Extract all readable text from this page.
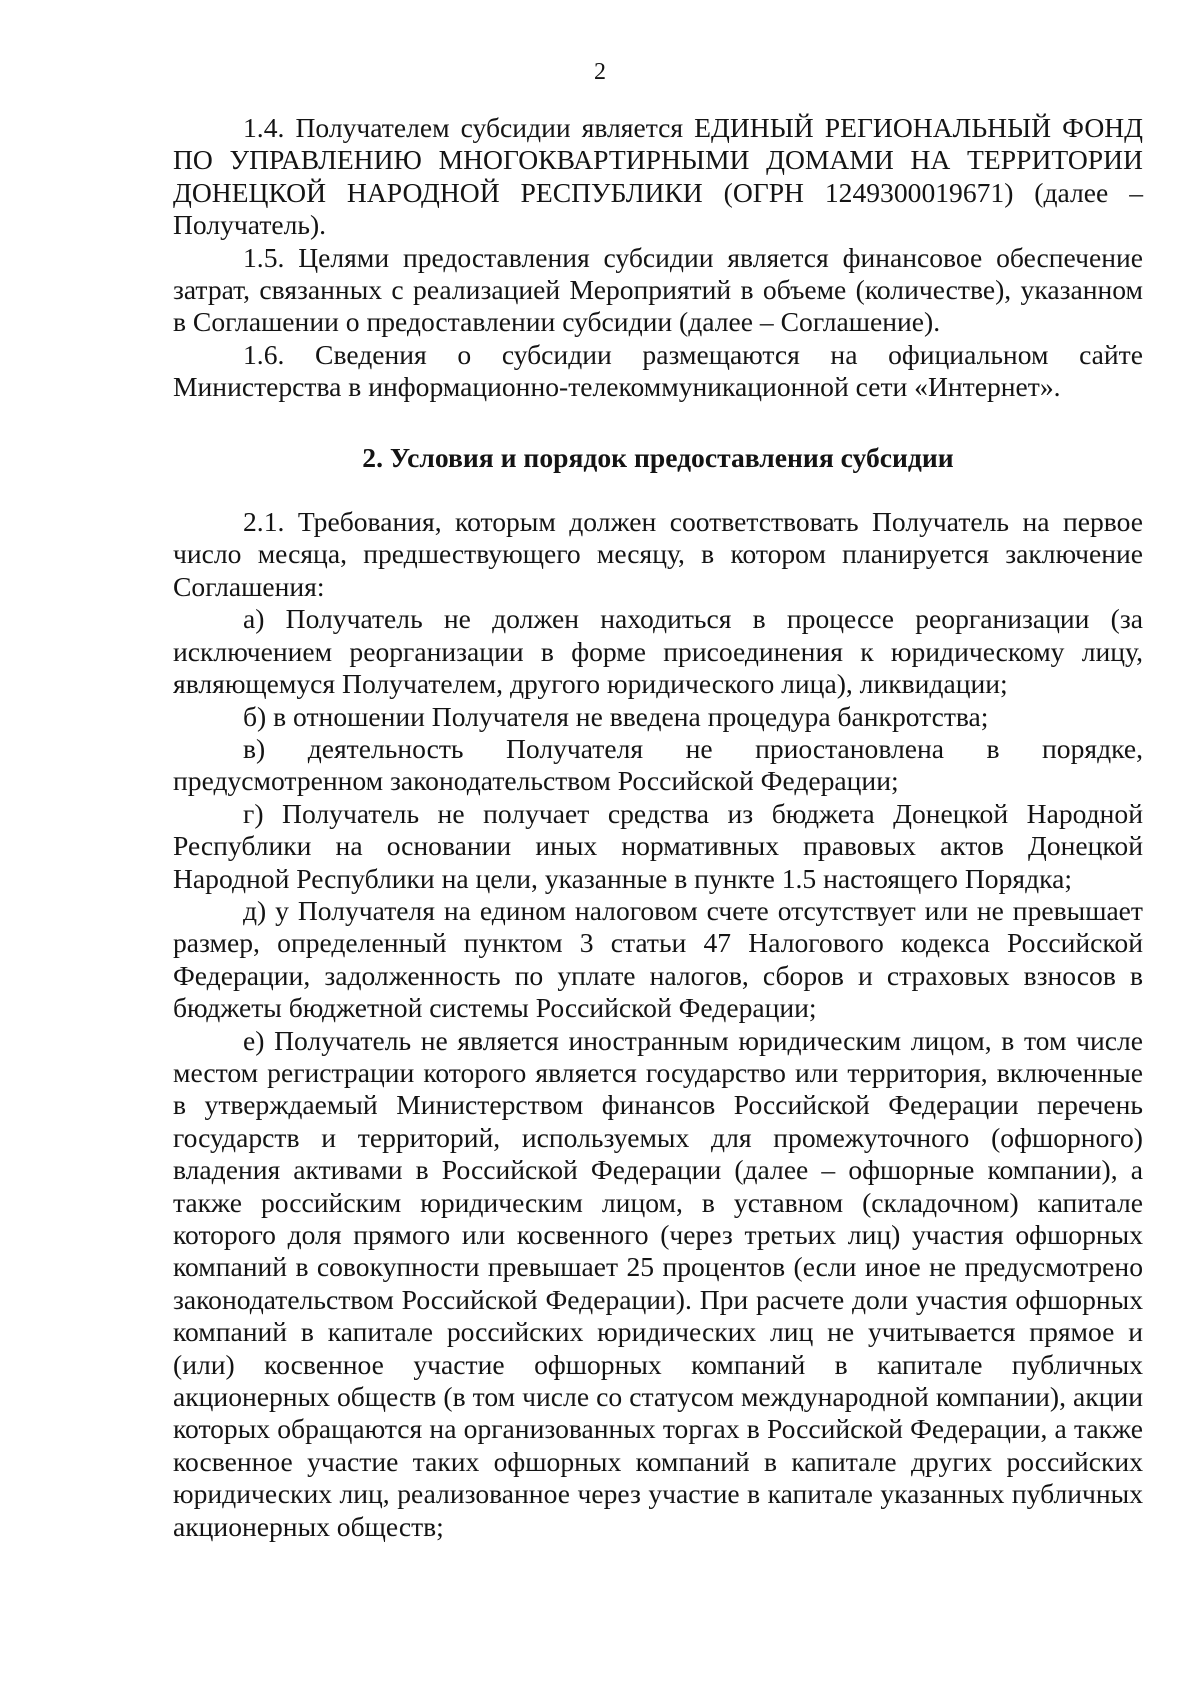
2

1.4. Получателем субсидии является ЕДИНЫЙ РЕГИОНАЛЬНЫЙ ФОНД ПО УПРАВЛЕНИЮ МНОГОКВАРТИРНЫМИ ДОМАМИ НА ТЕРРИТОРИИ ДОНЕЦКОЙ НАРОДНОЙ РЕСПУБЛИКИ (ОГРН 1249300019671) (далее – Получатель).

1.5. Целями предоставления субсидии является финансовое обеспечение затрат, связанных с реализацией Мероприятий в объеме (количестве), указанном в Соглашении о предоставлении субсидии (далее – Соглашение).

1.6. Сведения о субсидии размещаются на официальном сайте Министерства в информационно-телекоммуникационной сети «Интернет».

2. Условия и порядок предоставления субсидии

2.1. Требования, которым должен соответствовать Получатель на первое число месяца, предшествующего месяцу, в котором планируется заключение Соглашения:

а) Получатель не должен находиться в процессе реорганизации (за исключением реорганизации в форме присоединения к юридическому лицу, являющемуся Получателем, другого юридического лица), ликвидации;

б) в отношении Получателя не введена процедура банкротства;

в) деятельность Получателя не приостановлена в порядке, предусмотренном законодательством Российской Федерации;

г) Получатель не получает средства из бюджета Донецкой Народной Республики на основании иных нормативных правовых актов Донецкой Народной Республики на цели, указанные в пункте 1.5 настоящего Порядка;

д) у Получателя на едином налоговом счете отсутствует или не превышает размер, определенный пунктом 3 статьи 47 Налогового кодекса Российской Федерации, задолженность по уплате налогов, сборов и страховых взносов в бюджеты бюджетной системы Российской Федерации;

е) Получатель не является иностранным юридическим лицом, в том числе местом регистрации которого является государство или территория, включенные в утверждаемый Министерством финансов Российской Федерации перечень государств и территорий, используемых для промежуточного (офшорного) владения активами в Российской Федерации (далее – офшорные компании), а также российским юридическим лицом, в уставном (складочном) капитале которого доля прямого или косвенного (через третьих лиц) участия офшорных компаний в совокупности превышает 25 процентов (если иное не предусмотрено законодательством Российской Федерации). При расчете доли участия офшорных компаний в капитале российских юридических лиц не учитывается прямое и (или) косвенное участие офшорных компаний в капитале публичных акционерных обществ (в том числе со статусом международной компании), акции которых обращаются на организованных торгах в Российской Федерации, а также косвенное участие таких офшорных компаний в капитале других российских юридических лиц, реализованное через участие в капитале указанных публичных акционерных обществ;
